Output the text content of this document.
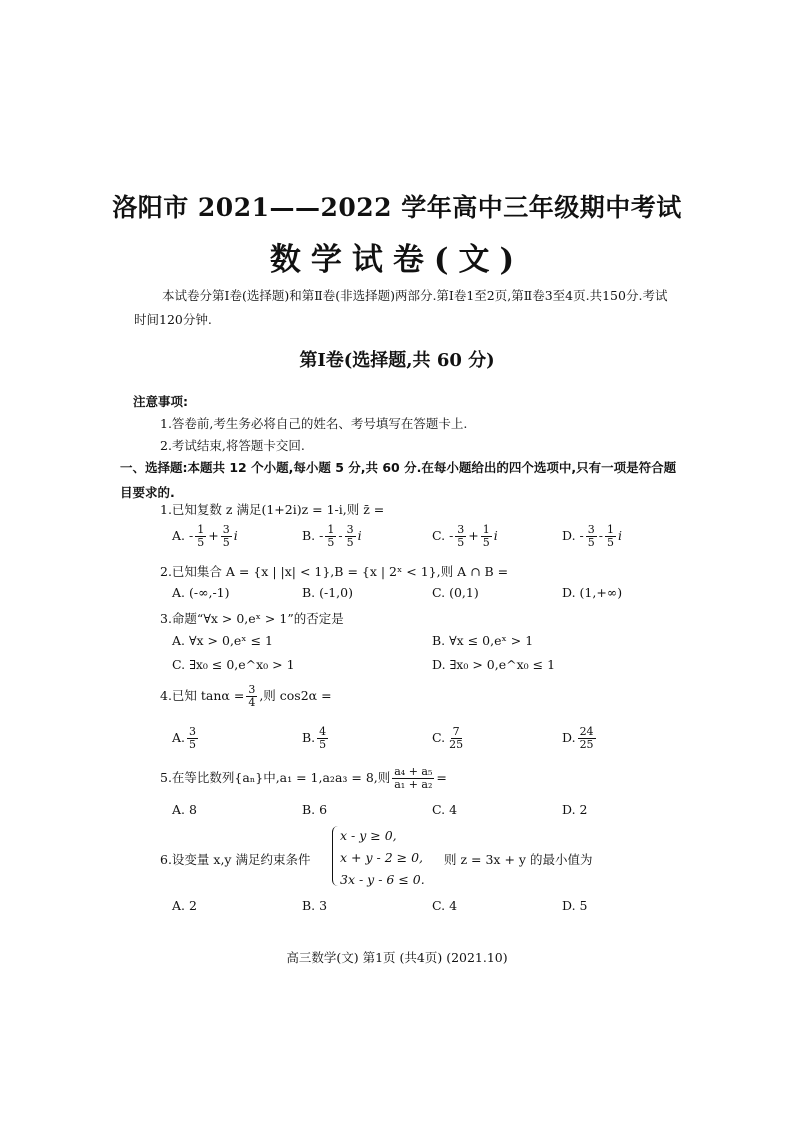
洛阳市 2021——2022 学年高中三年级期中考试
数学试卷(文)
本试卷分第Ⅰ卷(选择题)和第Ⅱ卷(非选择题)两部分.第Ⅰ卷1至2页,第Ⅱ卷3至4页.共150分.考试时间120分钟.
第Ⅰ卷(选择题,共 60 分)
注意事项:
1.答卷前,考生务必将自己的姓名、考号填写在答题卡上.
2.考试结束,将答题卡交回.
一、选择题:本题共 12 个小题,每小题 5 分,共 60 分.在每小题给出的四个选项中,只有一项是符合题目要求的.
1.已知复数 z 满足(1+2i)z = 1-i,则 z̄ =
A. - $\frac{1}{5} + \frac{3}{5}$ i	B. - $\frac{1}{5} - \frac{3}{5}$ i	C. - $\frac{3}{5} + \frac{1}{5}$ i	D. - $\frac{3}{5} - \frac{1}{5}$ i
2.已知集合 A = {x | |x| < 1},B = {x | 2ˣ < 1},则 A ∩ B =
A. (-∞,-1)	B. (-1,0)	C. (0,1)	D. (1,+∞)
3.命题“∀x > 0,eˣ > 1”的否定是
A. ∀x > 0,eˣ ≤ 1	B. ∀x ≤ 0,eˣ > 1
C. ∃x₀ ≤ 0,e^x₀ > 1	D. ∃x₀ > 0,e^x₀ ≤ 1
4.已知 $\tan\alpha = \frac{3}{4}$ ,则 cos2α =
A. $\frac{3}{5}$	B. $\frac{4}{5}$	C. $\frac{7}{25}$	D. $\frac{24}{25}$
5.在等比数列{aₙ}中,a₁ = 1,a₂a₃ = 8,则 $\frac{\text{a₄ + a₅}}{\text{a₁ + a₂}}$ =
A. 8	B. 6	C. 4	D. 2
6.设变量 x,y 满足约束条件
x - y ≥ 0,
x + y - 2 ≥ 0,
3x - y - 6 ≤ 0.
则 z = 3x + y 的最小值为
A. 2	B. 3	C. 4	D. 5
高三数学(文) 第1页 (共4页) (2021.10)
